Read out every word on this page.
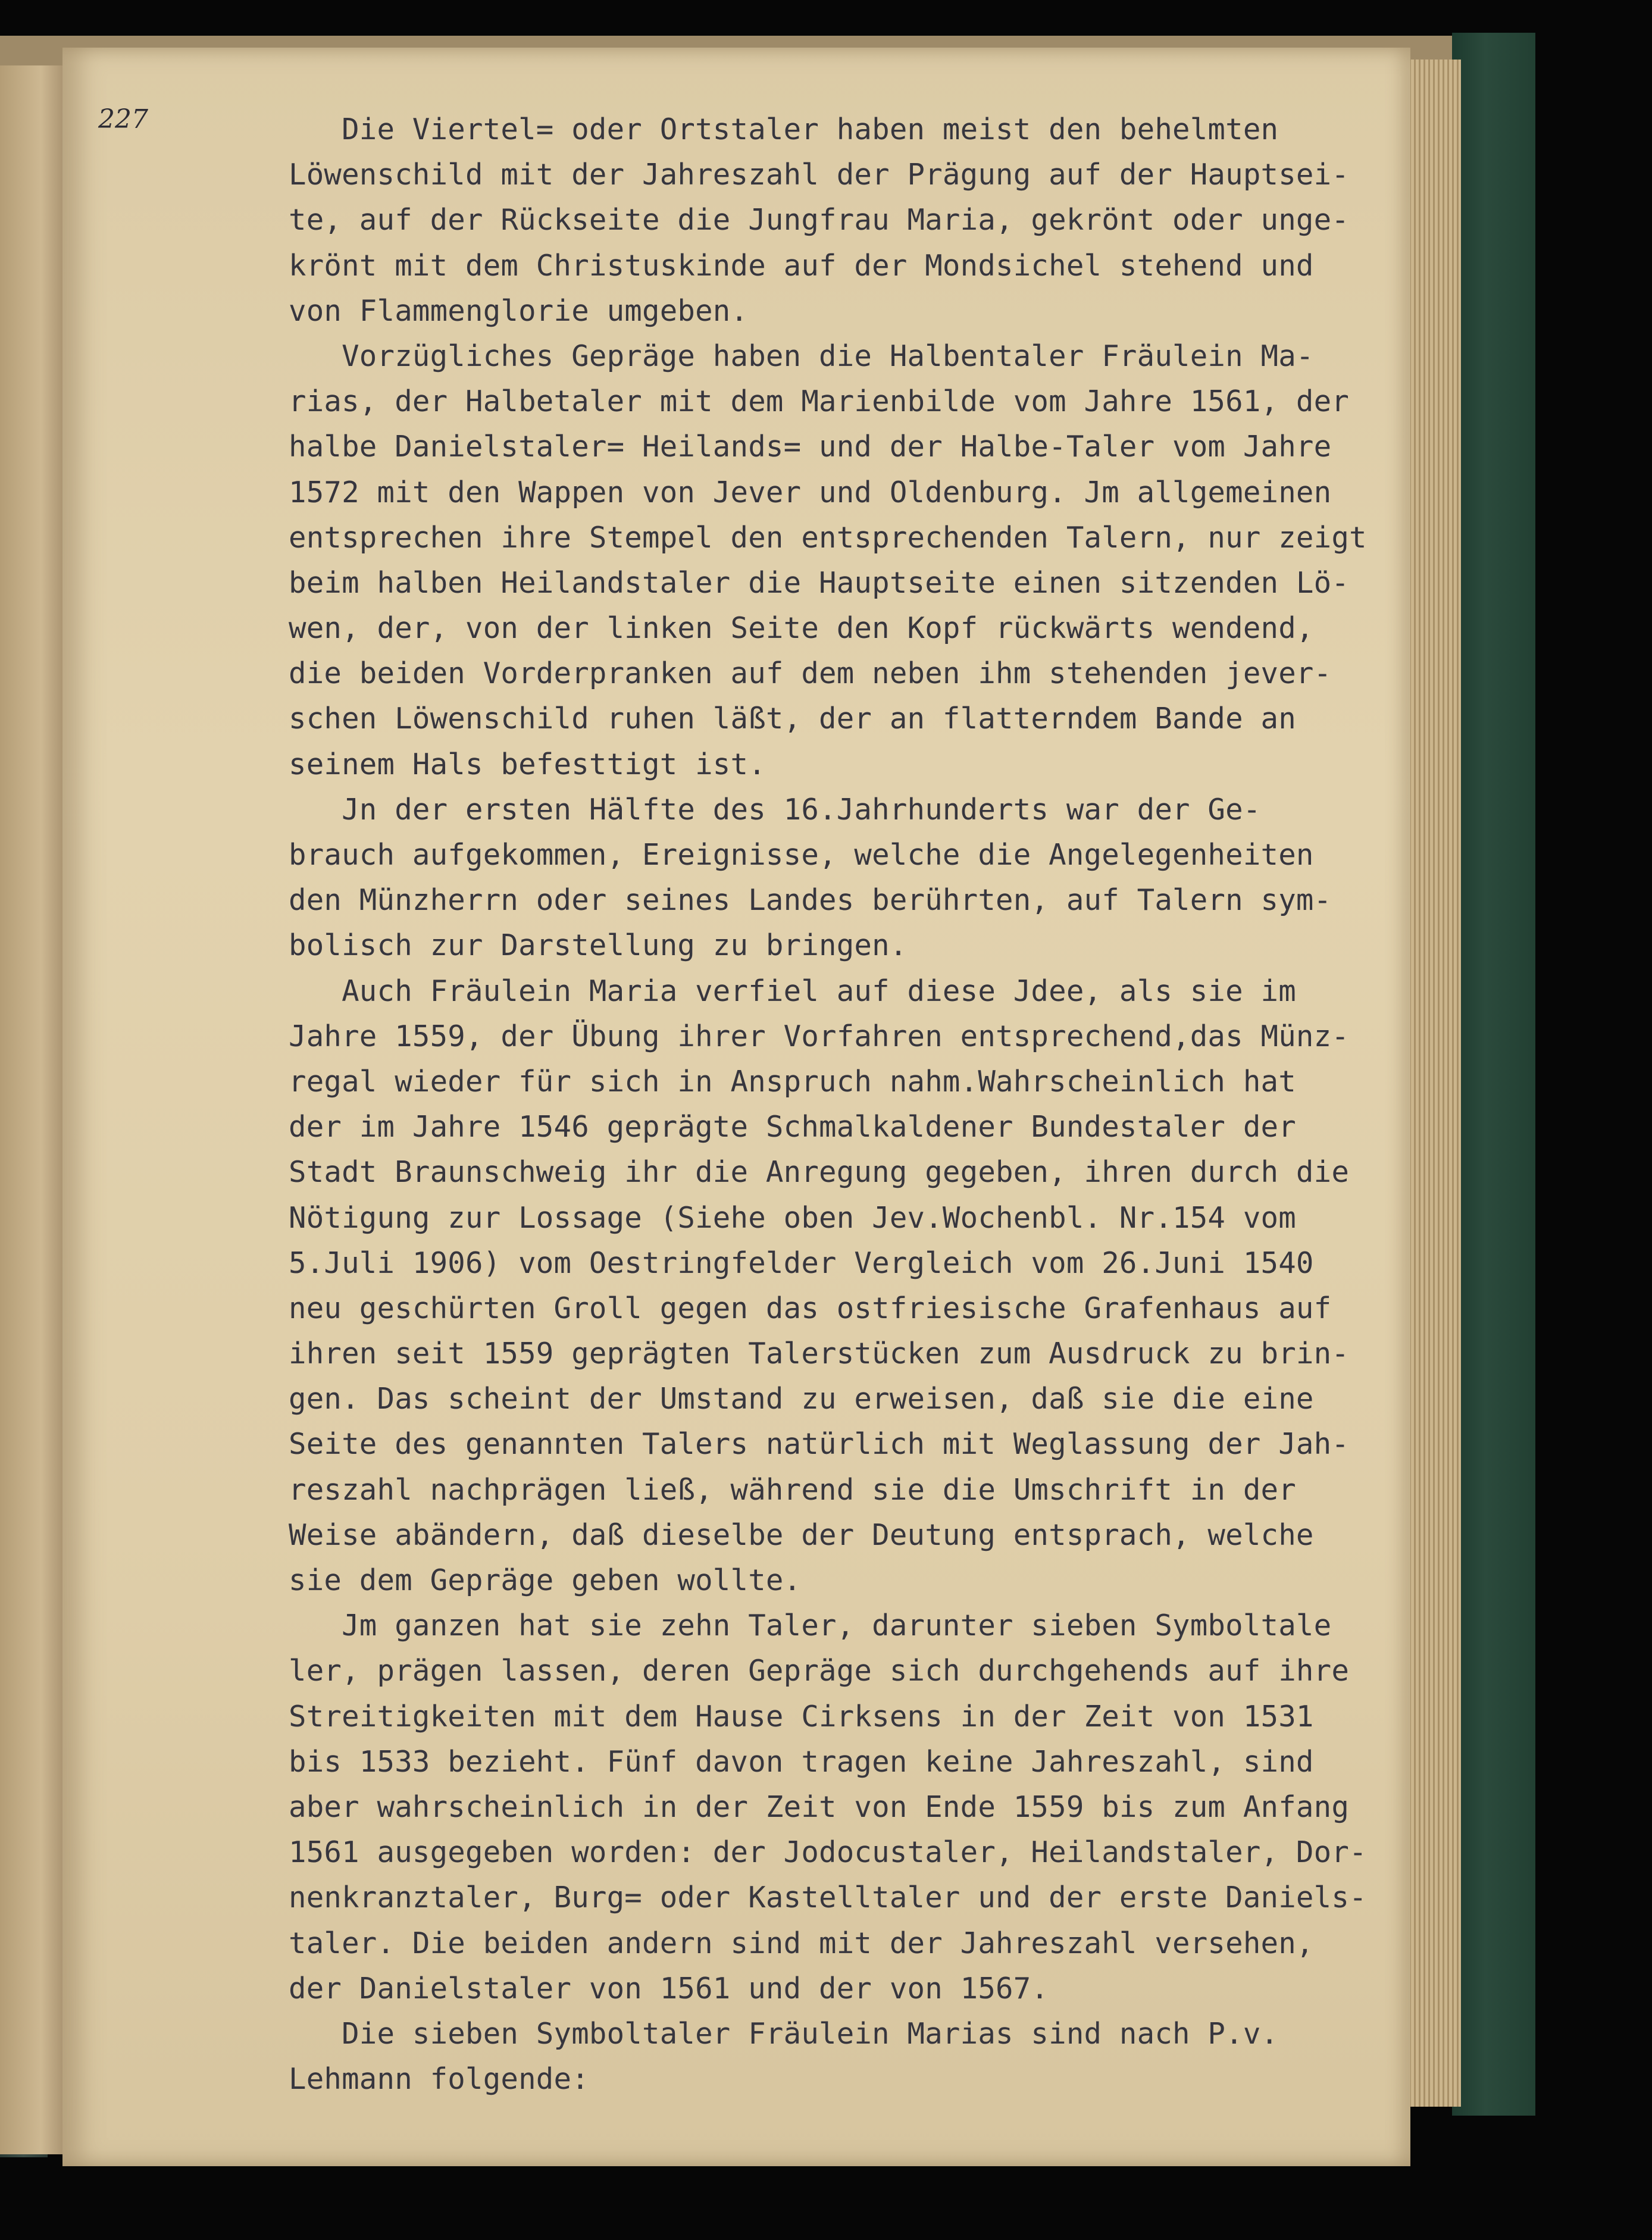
227	Die Viertel= oder Ortstaler haben meist den behelmten
Löwenschild mit der Jahreszahl der Prägung auf der Hauptsei-
te, auf der Rückseite die Jungfrau Maria, gekrönt oder unge-
krönt mit dem Christuskinde auf der Mondsichel stehend und
von Flammenglorie umgeben.

Vorzügliches Gepräge haben die Halbentaler Fräulein Ma-
rias, der Halbetaler mit dem Marienbilde vom Jahre 1561, der
halbe Danielstaler= Heilands= und der Halbe-Taler vom Jahre
1572 mit den Wappen von Jever und Oldenburg. Jm allgemeinen
entsprechen ihre Stempel den entsprechenden Talern, nur zeigt
beim halben Heilandstaler die Hauptseite einen sitzenden Lö-
wen, der, von der linken Seite den Kopf rückwärts wendend,
die beiden Vorderpranken auf dem neben ihm stehenden jever-
schen Löwenschild ruhen läßt, der an flatterndem Bande an
seinem Hals befesttigt ist.

Jn der ersten Hälfte des 16.Jahrhunderts war der Ge-
brauch aufgekommen, Ereignisse, welche die Angelegenheiten
den Münzherrn oder seines Landes berührten, auf Talern sym-
bolisch zur Darstellung zu bringen.

Auch Fräulein Maria verfiel auf diese Jdee, als sie im
Jahre 1559, der Übung ihrer Vorfahren entsprechend,das Münz-
regal wieder für sich in Anspruch nahm.Wahrscheinlich hat
der im Jahre 1546 geprägte Schmalkaldener Bundestaler der
Stadt Braunschweig ihr die Anregung gegeben, ihren durch die
Nötigung zur Lossage (Siehe oben Jev.Wochenbl. Nr.154 vom
5.Juli 1906) vom Oestringfelder Vergleich vom 26.Juni 1540
neu geschürten Groll gegen das ostfriesische Grafenhaus auf
ihren seit 1559 geprägten Talerstücken zum Ausdruck zu brin-
gen. Das scheint der Umstand zu erweisen, daß sie die eine
Seite des genannten Talers natürlich mit Weglassung der Jah-
reszahl nachprägen ließ, während sie die Umschrift in der
Weise abändern, daß dieselbe der Deutung entsprach, welche
sie dem Gepräge geben wollte.

Jm ganzen hat sie zehn Taler, darunter sieben Symboltale
ler, prägen lassen, deren Gepräge sich durchgehends auf ihre
Streitigkeiten mit dem Hause Cirksens in der Zeit von 1531
bis 1533 bezieht. Fünf davon tragen keine Jahreszahl, sind
aber wahrscheinlich in der Zeit von Ende 1559 bis zum Anfang
1561 ausgegeben worden: der Jodocustaler, Heilandstaler, Dor-
nenkranztaler, Burg= oder Kastelltaler und der erste Daniels-
taler. Die beiden andern sind mit der Jahreszahl versehen,
der Danielstaler von 1561 und der von 1567.

Die sieben Symboltaler Fräulein Marias sind nach P.v.
Lehmann folgende:
